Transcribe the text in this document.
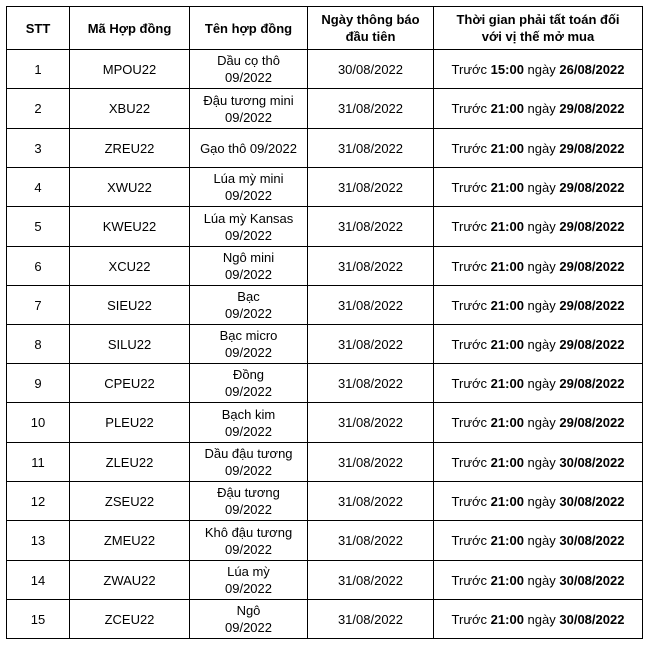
STT	Mã Hợp đồng	Tên hợp đồng	Ngày thông báo
đầu tiên	Thời gian phải tất toán đối
với vị thế mở mua
1	MPOU22	Dầu cọ thô
09/2022	30/08/2022	Trước 15:00 ngày 26/08/2022
2	XBU22	Đậu tương mini
09/2022	31/08/2022	Trước 21:00 ngày 29/08/2022
3	ZREU22	Gạo thô 09/2022	31/08/2022	Trước 21:00 ngày 29/08/2022
4	XWU22	Lúa mỳ mini
09/2022	31/08/2022	Trước 21:00 ngày 29/08/2022
5	KWEU22	Lúa mỳ Kansas
09/2022	31/08/2022	Trước 21:00 ngày 29/08/2022
6	XCU22	Ngô mini
09/2022	31/08/2022	Trước 21:00 ngày 29/08/2022
7	SIEU22	Bạc
09/2022	31/08/2022	Trước 21:00 ngày 29/08/2022
8	SILU22	Bạc micro
09/2022	31/08/2022	Trước 21:00 ngày 29/08/2022
9	CPEU22	Đồng
09/2022	31/08/2022	Trước 21:00 ngày 29/08/2022
10	PLEU22	Bạch kim
09/2022	31/08/2022	Trước 21:00 ngày 29/08/2022
11	ZLEU22	Dầu đậu tương
09/2022	31/08/2022	Trước 21:00 ngày 30/08/2022
12	ZSEU22	Đậu tương
09/2022	31/08/2022	Trước 21:00 ngày 30/08/2022
13	ZMEU22	Khô đậu tương
09/2022	31/08/2022	Trước 21:00 ngày 30/08/2022
14	ZWAU22	Lúa mỳ
09/2022	31/08/2022	Trước 21:00 ngày 30/08/2022
15	ZCEU22	Ngô
09/2022	31/08/2022	Trước 21:00 ngày 30/08/2022
